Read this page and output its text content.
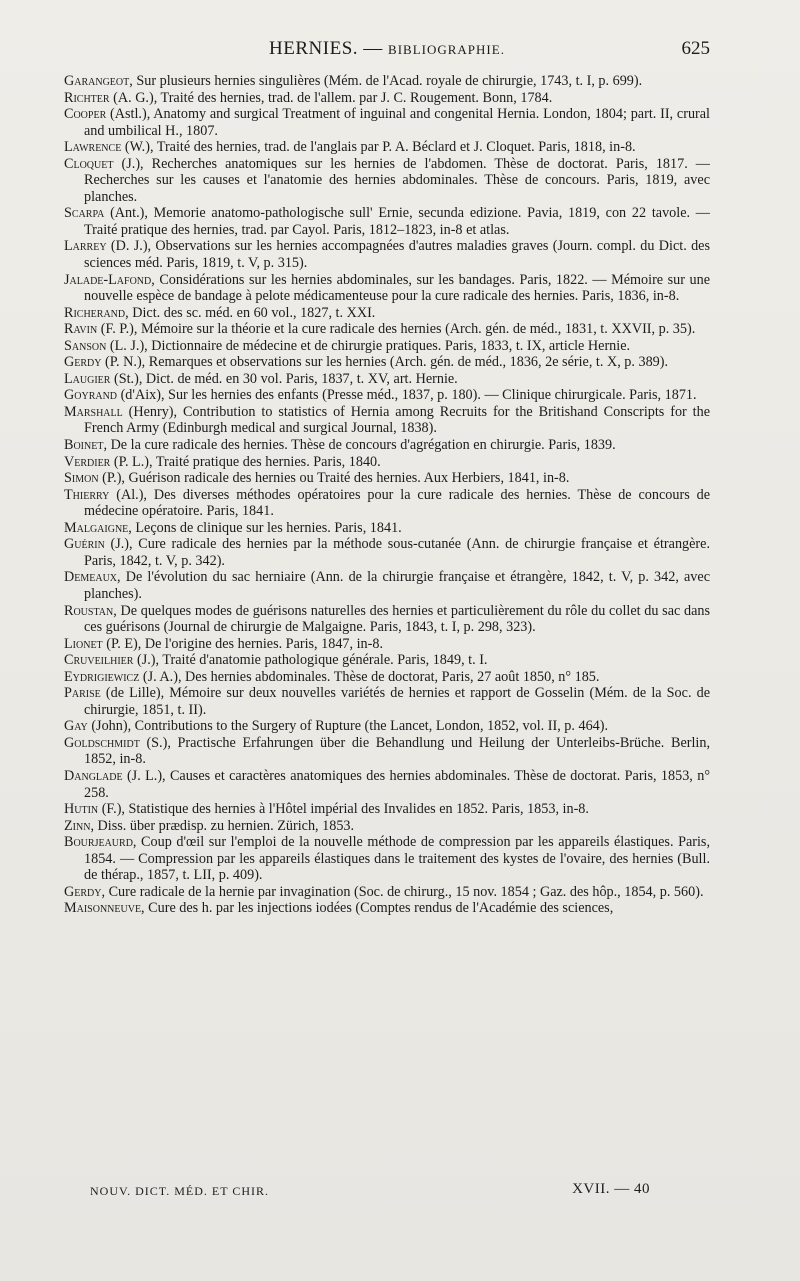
HERNIES. — BIBLIOGRAPHIE.	625

Garangeot, Sur plusieurs hernies singulières (Mém. de l'Acad. royale de chirurgie, 1743, t. I, p. 699).

Richter (A. G.), Traité des hernies, trad. de l'allem. par J. C. Rougement. Bonn, 1784.

Cooper (Astl.), Anatomy and surgical Treatment of inguinal and congenital Hernia. London, 1804; part. II, crural and umbilical H., 1807.

Lawrence (W.), Traité des hernies, trad. de l'anglais par P. A. Béclard et J. Cloquet. Paris, 1818, in-8.

Cloquet (J.), Recherches anatomiques sur les hernies de l'abdomen. Thèse de doctorat. Paris, 1817. — Recherches sur les causes et l'anatomie des hernies abdominales. Thèse de concours. Paris, 1819, avec planches.

Scarpa (Ant.), Memorie anatomo-pathologische sull' Ernie, secunda edizione. Pavia, 1819, con 22 tavole. — Traité pratique des hernies, trad. par Cayol. Paris, 1812–1823, in-8 et atlas.

Larrey (D. J.), Observations sur les hernies accompagnées d'autres maladies graves (Journ. compl. du Dict. des sciences méd. Paris, 1819, t. V, p. 315).

Jalade-Lafond, Considérations sur les hernies abdominales, sur les bandages. Paris, 1822. — Mémoire sur une nouvelle espèce de bandage à pelote médicamenteuse pour la cure radicale des hernies. Paris, 1836, in-8.

Richerand, Dict. des sc. méd. en 60 vol., 1827, t. XXI.

Ravin (F. P.), Mémoire sur la théorie et la cure radicale des hernies (Arch. gén. de méd., 1831, t. XXVII, p. 35).

Sanson (L. J.), Dictionnaire de médecine et de chirurgie pratiques. Paris, 1833, t. IX, article Hernie.

Gerdy (P. N.), Remarques et observations sur les hernies (Arch. gén. de méd., 1836, 2e série, t. X, p. 389).

Laugier (St.), Dict. de méd. en 30 vol. Paris, 1837, t. XV, art. Hernie.

Goyrand (d'Aix), Sur les hernies des enfants (Presse méd., 1837, p. 180). — Clinique chirurgicale. Paris, 1871.

Marshall (Henry), Contribution to statistics of Hernia among Recruits for the Britishand Conscripts for the French Army (Edinburgh medical and surgical Journal, 1838).

Boinet, De la cure radicale des hernies. Thèse de concours d'agrégation en chirurgie. Paris, 1839.

Verdier (P. L.), Traité pratique des hernies. Paris, 1840.

Simon (P.), Guérison radicale des hernies ou Traité des hernies. Aux Herbiers, 1841, in-8.

Thierry (Al.), Des diverses méthodes opératoires pour la cure radicale des hernies. Thèse de concours de médecine opératoire. Paris, 1841.

Malgaigne, Leçons de clinique sur les hernies. Paris, 1841.

Guérin (J.), Cure radicale des hernies par la méthode sous-cutanée (Ann. de chirurgie française et étrangère. Paris, 1842, t. V, p. 342).

Demeaux, De l'évolution du sac herniaire (Ann. de la chirurgie française et étrangère, 1842, t. V, p. 342, avec planches).

Roustan, De quelques modes de guérisons naturelles des hernies et particulièrement du rôle du collet du sac dans ces guérisons (Journal de chirurgie de Malgaigne. Paris, 1843, t. I, p. 298, 323).

Lionet (P. E), De l'origine des hernies. Paris, 1847, in-8.

Cruveilhier (J.), Traité d'anatomie pathologique générale. Paris, 1849, t. I.

Eydrigiewicz (J. A.), Des hernies abdominales. Thèse de doctorat, Paris, 27 août 1850, n° 185.

Parise (de Lille), Mémoire sur deux nouvelles variétés de hernies et rapport de Gosselin (Mém. de la Soc. de chirurgie, 1851, t. II).

Gay (John), Contributions to the Surgery of Rupture (the Lancet, London, 1852, vol. II, p. 464).

Goldschmidt (S.), Practische Erfahrungen über die Behandlung und Heilung der Unterleibs-Brüche. Berlin, 1852, in-8.

Danglade (J. L.), Causes et caractères anatomiques des hernies abdominales. Thèse de doctorat. Paris, 1853, n° 258.

Hutin (F.), Statistique des hernies à l'Hôtel impérial des Invalides en 1852. Paris, 1853, in-8.

Zinn, Diss. über prædisp. zu hernien. Zürich, 1853.

Bourjeaurd, Coup d'œil sur l'emploi de la nouvelle méthode de compression par les appareils élastiques. Paris, 1854. — Compression par les appareils élastiques dans le traitement des kystes de l'ovaire, des hernies (Bull. de thérap., 1857, t. LII, p. 409).

Gerdy, Cure radicale de la hernie par invagination (Soc. de chirurg., 15 nov. 1854 ; Gaz. des hôp., 1854, p. 560).

Maisonneuve, Cure des h. par les injections iodées (Comptes rendus de l'Académie des sciences,

NOUV. DICT. MÉD. ET CHIR.	XVII. — 40
